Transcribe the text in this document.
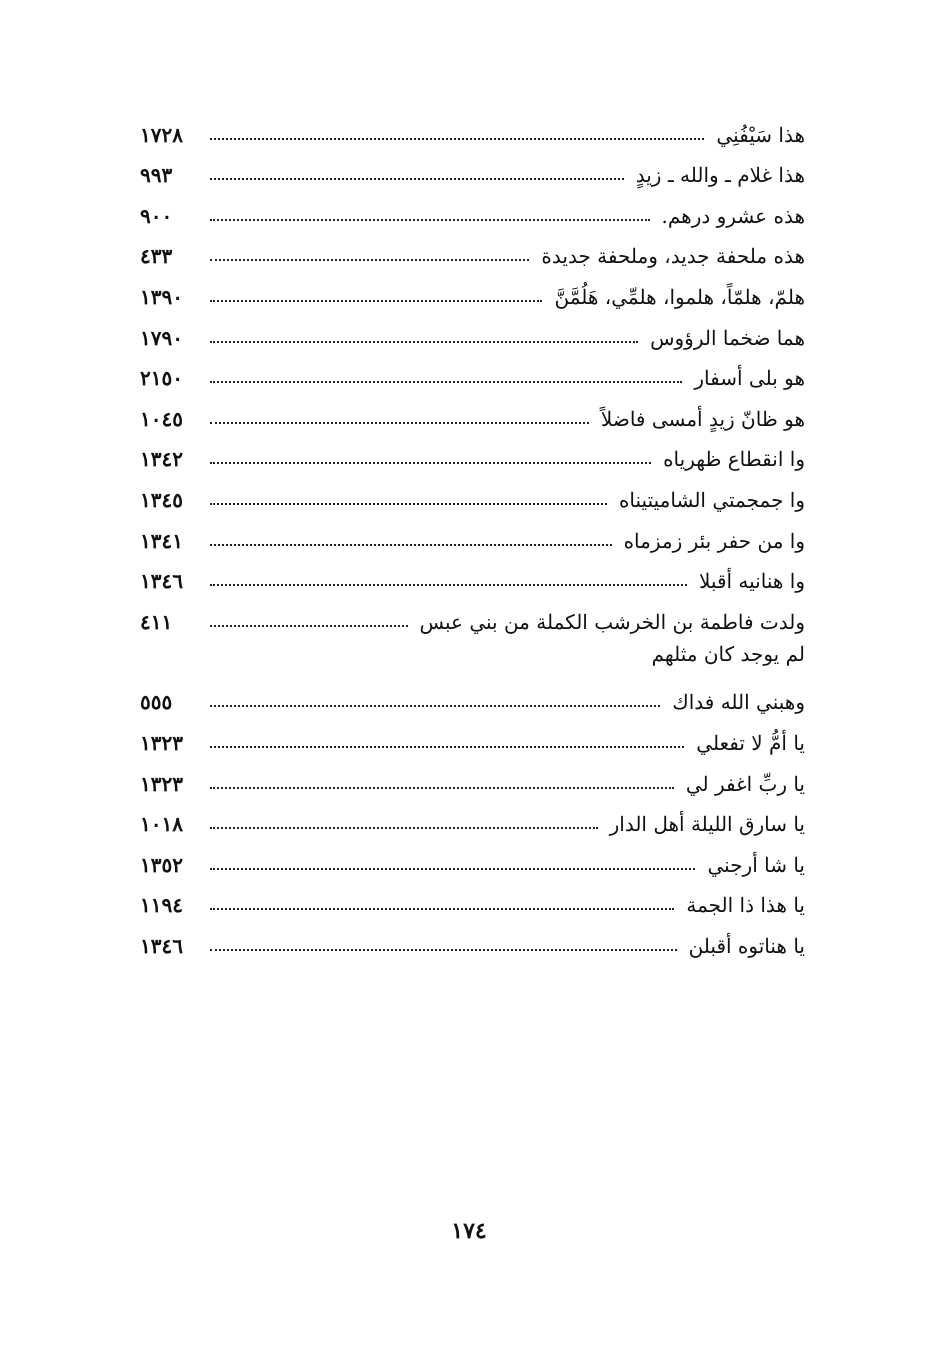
هذا سَيْفُنِي
١٧٢٨
هذا غلام ـ والله ـ زيدٍ
٩٩٣
هذه عشرو درهم.
٩٠٠
هذه ملحفة جديد، وملحفة جديدة
٤٣٣
هلمّ، هلمّاً، هلموا، هلمِّي، هَلُمَّنَّ
١٣٩٠
هما ضخما الرؤوس
١٧٩٠
هو بلى أسفار
٢١٥٠
هو ظانّ زيدٍ أمسى فاضلاً
١٠٤٥
وا انقطاع ظهرياه
١٣٤٢
وا جمجمتي الشاميتيناه
١٣٤٥
وا من حفر بئر زمزماه
١٣٤١
وا هنانيه أقبلا
١٣٤٦
ولدت فاطمة بن الخرشب الكملة من بني عبس
٤١١
لم يوجد كان مثلهم
وهبني الله فداك
٥٥٥
يا أمُّ لا تفعلي
١٣٢٣
يا ربِّ اغفر لي
١٣٢٣
يا سارق الليلة أهل الدار
١٠١٨
يا شا أرجني
١٣٥٢
يا هذا ذا الجمة
١١٩٤
يا هناتوه أقبلن
١٣٤٦
١٧٤
